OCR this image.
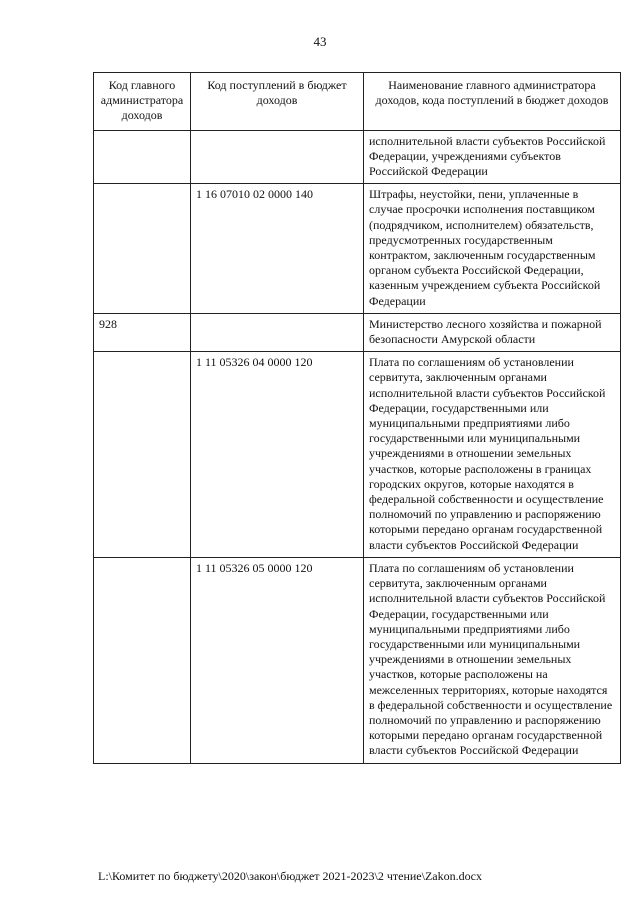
43
Код главного администратора доходов	Код поступлений в бюджет доходов	Наименование главного администратора доходов, кода поступлений в бюджет доходов
		исполнительной власти субъектов Российской Федерации, учреждениями субъектов Российской Федерации
	1 16 07010 02 0000 140	Штрафы, неустойки, пени, уплаченные в случае просрочки исполнения поставщиком (подрядчиком, исполнителем) обязательств, предусмотренных государственным контрактом, заключенным государственным органом субъекта Российской Федерации, казенным учреждением субъекта Российской Федерации
928		Министерство лесного хозяйства и пожарной безопасности Амурской области
	1 11 05326 04 0000 120	Плата по соглашениям об установлении сервитута, заключенным органами исполнительной власти субъектов Российской Федерации, государственными или муниципальными предприятиями либо государственными или муниципальными учреждениями в отношении земельных участков, которые расположены в границах городских округов, которые находятся в федеральной собственности и осуществление полномочий по управлению и распоряжению которыми передано органам государственной власти субъектов Российской Федерации
	1 11 05326 05 0000 120	Плата по соглашениям об установлении сервитута, заключенным органами исполнительной власти субъектов Российской Федерации, государственными или муниципальными предприятиями либо государственными или муниципальными учреждениями в отношении земельных участков, которые расположены на межселенных территориях, которые находятся в федеральной собственности и осуществление полномочий по управлению и распоряжению которыми передано органам государственной власти субъектов Российской Федерации
L:\Комитет по бюджету\2020\закон\бюджет 2021-2023\2 чтение\Zakon.docx
